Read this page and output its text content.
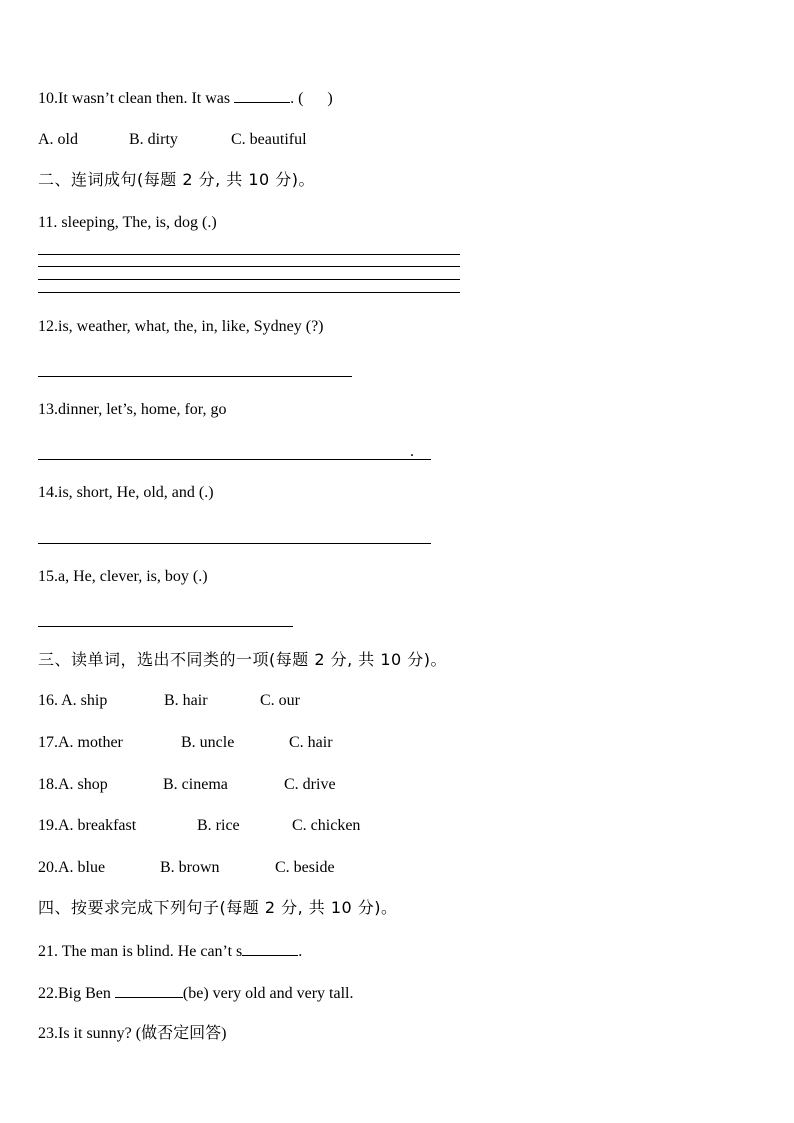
10.It wasn’t clean then. It was	. ( )
A. old	B. dirty	C. beautiful
二、连词成句(每题 2 分, 共 10 分)。
11. sleeping, The, is, dog (.)
12.is, weather, what, the, in, like, Sydney (?)
13.dinner, let’s, home, for, go
.
14.is, short, He, old, and (.)
15.a, He, clever, is, boy (.)
三、读单词，选出不同类的一项(每题 2 分, 共 10 分)。
16. A. ship	B. hair	C. our
17.A. mother	B. uncle	C. hair
18.A. shop	B. cinema	C. drive
19.A. breakfast	B. rice	C. chicken
20.A. blue	B. brown	C. beside
四、按要求完成下列句子(每题 2 分, 共 10 分)。
21. The man is blind. He can’t s	.
22.Big Ben	(be) very old and very tall.
23.Is it sunny? (做否定回答)
